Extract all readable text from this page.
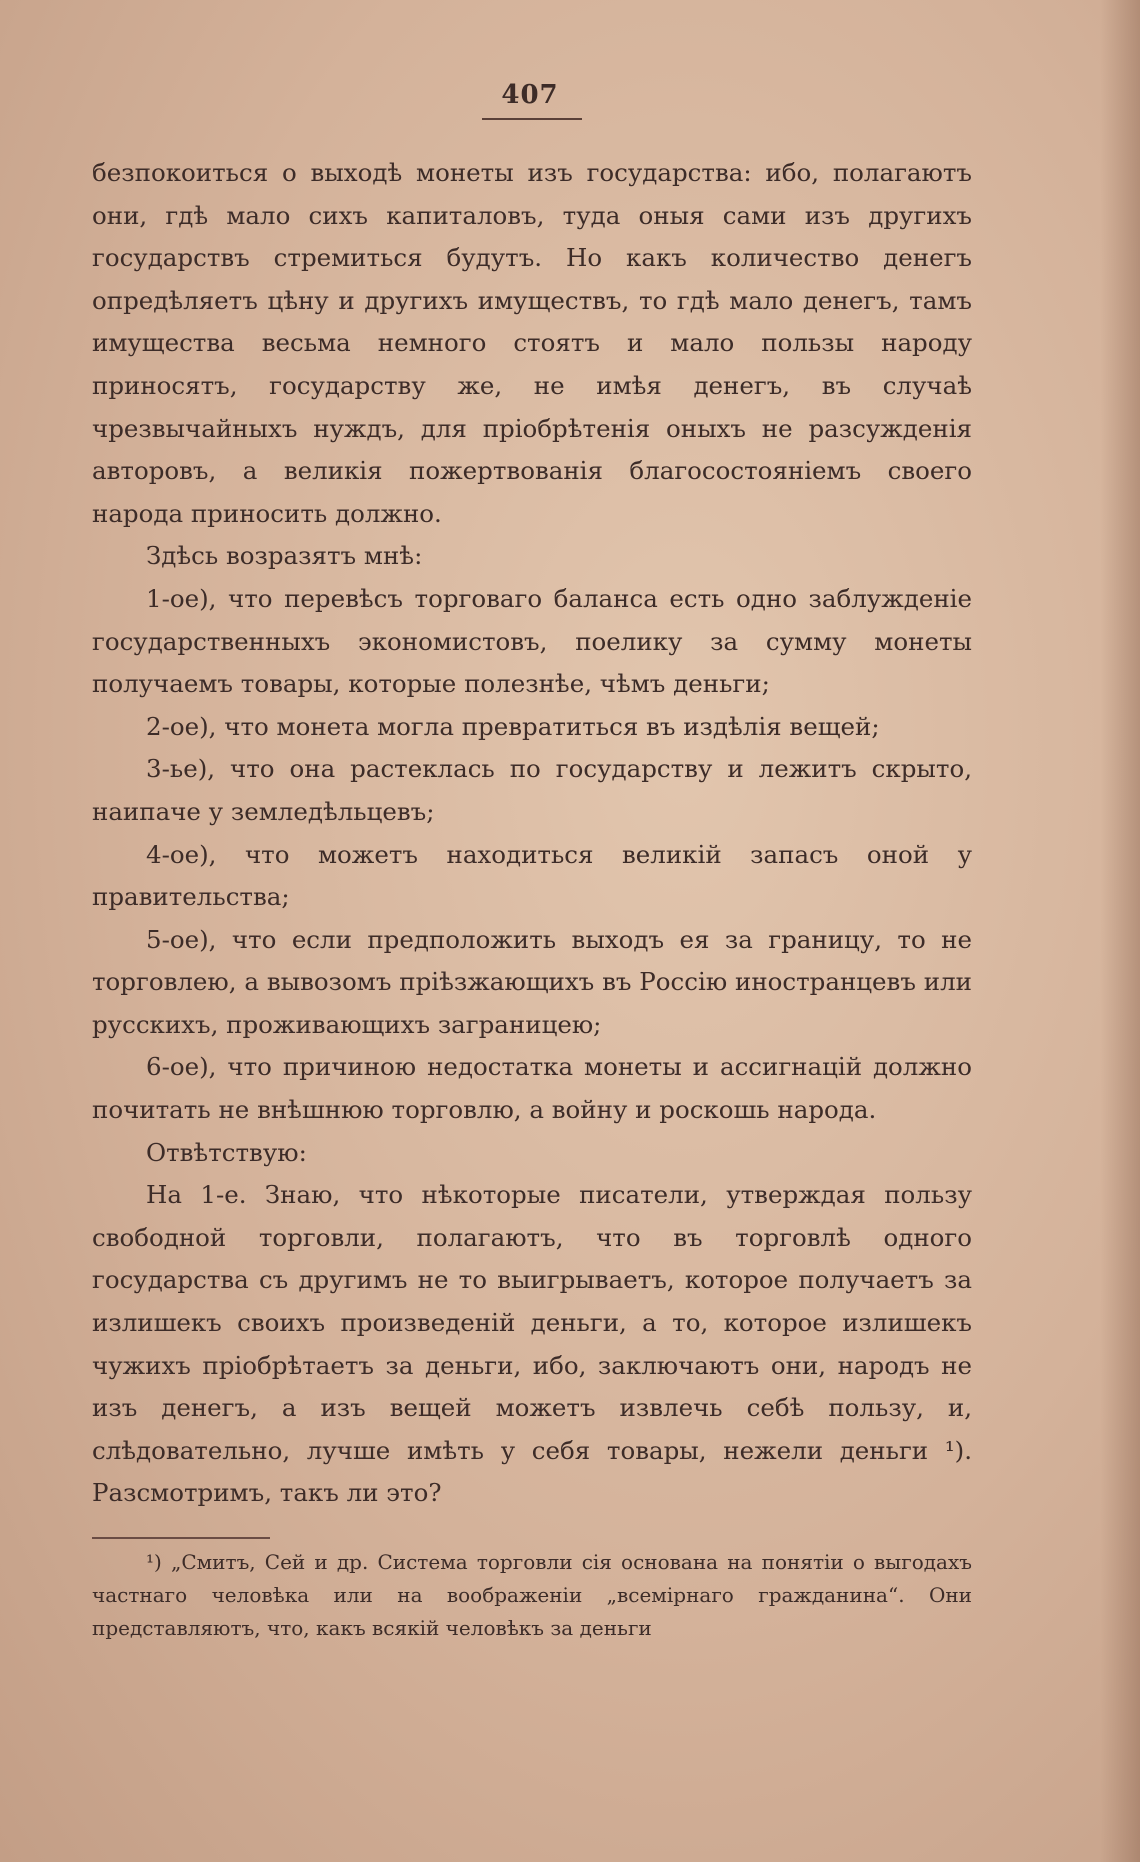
407

безпокоиться о выходѣ монеты изъ государства: ибо, полагаютъ они, гдѣ мало сихъ капиталовъ, туда оныя сами изъ другихъ государствъ стремиться будутъ. Но какъ количество денегъ опредѣляетъ цѣну и другихъ имуществъ, то гдѣ мало денегъ, тамъ имущества весьма немного стоятъ и мало пользы народу приносятъ, государству же, не имѣя денегъ, въ случаѣ чрезвычайныхъ нуждъ, для пріобрѣтенія оныхъ не разсужденія авторовъ, а великія пожертвованія благосостояніемъ своего народа приносить должно.

Здѣсь возразятъ мнѣ:

1-ое), что перевѣсъ торговаго баланса есть одно заблужденіе государственныхъ экономистовъ, поелику за сумму монеты получаемъ товары, которые полезнѣе, чѣмъ деньги;

2-ое), что монета могла превратиться въ издѣлія вещей;

3-ье), что она растеклась по государству и лежитъ скрыто, наипаче у земледѣльцевъ;

4-ое), что можетъ находиться великій запасъ оной у правительства;

5-ое), что если предположить выходъ ея за границу, то не торговлею, а вывозомъ пріѣзжающихъ въ Россію иностранцевъ или русскихъ, проживающихъ заграницею;

6-ое), что причиною недостатка монеты и ассигнацій должно почитать не внѣшнюю торговлю, а войну и роскошь народа.

Отвѣтствую:

На 1-е. Знаю, что нѣкоторые писатели, утверждая пользу свободной торговли, полагаютъ, что въ торговлѣ одного государства съ другимъ не то выигрываетъ, которое получаетъ за излишекъ своихъ произведеній деньги, а то, которое излишекъ чужихъ пріобрѣтаетъ за деньги, ибо, заключаютъ они, народъ не изъ денегъ, а изъ вещей можетъ извлечь себѣ пользу, и, слѣдовательно, лучше имѣть у себя товары, нежели деньги ¹). Разсмотримъ, такъ ли это?

¹) „Смитъ, Сей и др. Система торговли сія основана на понятіи о выгодахъ частнаго человѣка или на воображеніи „всемірнаго гражданина“. Они представляютъ, что, какъ всякій человѣкъ за деньги
